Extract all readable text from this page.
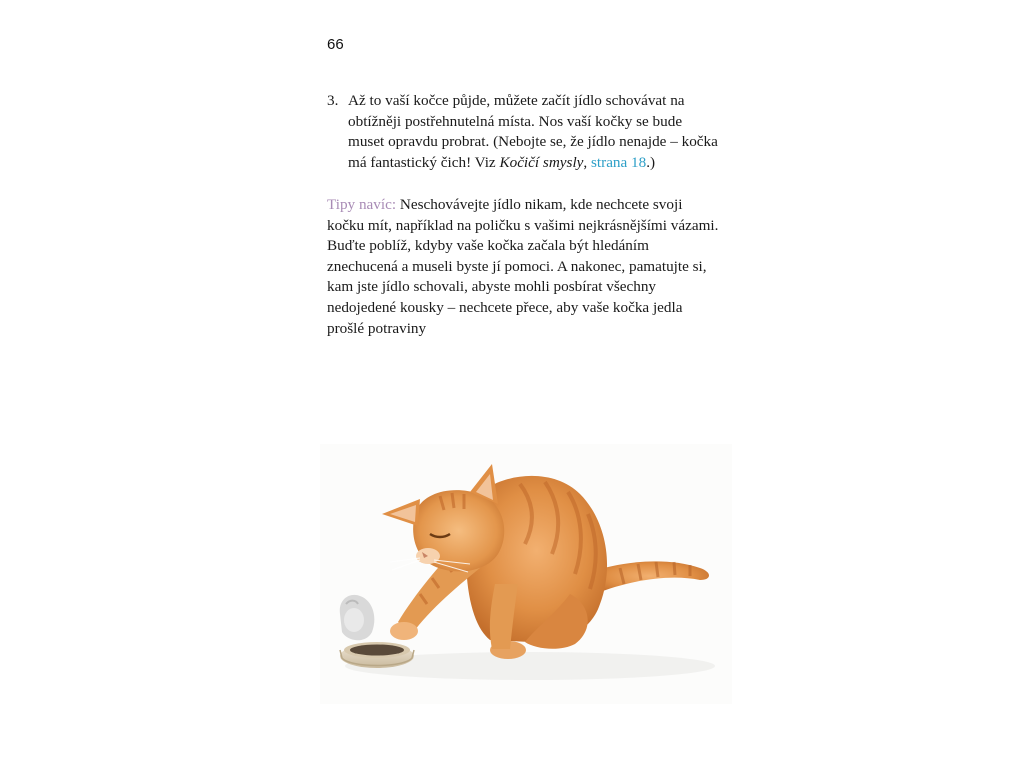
66
3. Až to vaší kočce půjde, můžete začít jídlo schovávat na obtížněji postřehnutelná místa. Nos vaší kočky se bude muset opravdu probrat. (Nebojte se, že jídlo nenajde – kočka má fantastický čich! Viz Kočičí smysly, strana 18.)
Tipy navíc: Neschovávejte jídlo nikam, kde nechcete svoji kočku mít, například na poličku s vašimi nejkrásnějšími vázami. Buďte poblíž, kdyby vaše kočka začala být hledáním znechucená a museli byste jí pomoci. A nakonec, pamatujte si, kam jste jídlo schovali, abyste mohli posbírat všechny nedojedené kousky – nechcete přece, aby vaše kočka jedla prošlé potraviny
